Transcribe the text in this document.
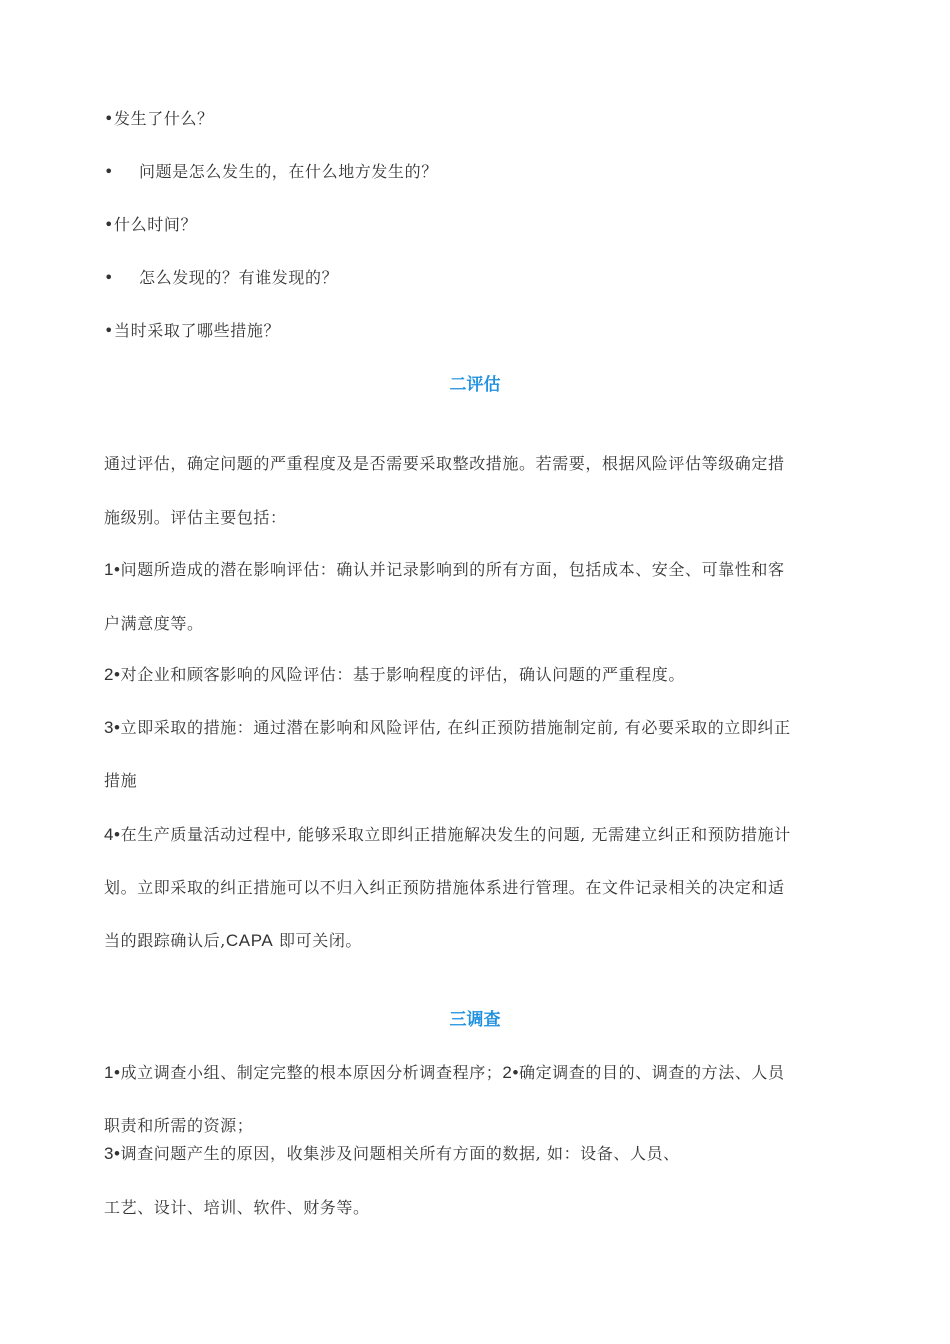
•发生了什么？
• 问题是怎么发生的，在什么地方发生的？
•什么时间？
• 怎么发现的？有谁发现的？
•当时采取了哪些措施？
二评估
通过评估，确定问题的严重程度及是否需要采取整改措施。若需要，根据风险评估等级确定措
施级别。评估主要包括：
1•问题所造成的潜在影响评估：确认并记录影响到的所有方面，包括成本、安全、可靠性和客
户满意度等。
2•对企业和顾客影响的风险评估：基于影响程度的评估，确认问题的严重程度。
3•立即采取的措施：通过潜在影响和风险评估, 在纠正预防措施制定前, 有必要采取的立即纠正
措施
4•在生产质量活动过程中, 能够采取立即纠正措施解决发生的问题, 无需建立纠正和预防措施计
划。立即采取的纠正措施可以不归入纠正预防措施体系进行管理。在文件记录相关的决定和适
当的跟踪确认后,CAPA 即可关闭。
三调查
1•成立调查小组、制定完整的根本原因分析调查程序；2•确定调查的目的、调查的方法、人员
职责和所需的资源；
3•调查问题产生的原因，收集涉及问题相关所有方面的数据, 如：设备、人员、
工艺、设计、培训、软件、财务等。
